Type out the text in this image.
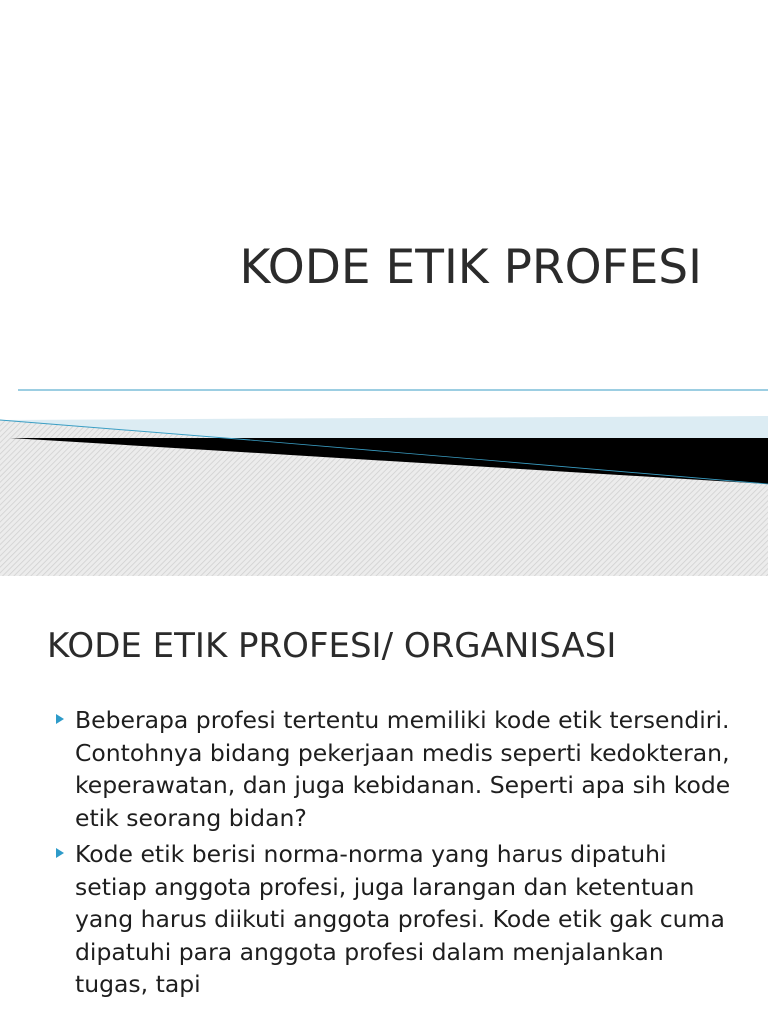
KODE ETIK PROFESI
KODE ETIK PROFESI/ ORGANISASI
Beberapa profesi tertentu memiliki kode etik tersendiri. Contohnya bidang pekerjaan medis seperti kedokteran, keperawatan, dan juga kebidanan. Seperti apa sih kode etik seorang bidan?
Kode etik berisi norma-norma yang harus dipatuhi setiap anggota profesi, juga larangan dan ketentuan yang harus diikuti anggota profesi. Kode etik gak cuma dipatuhi para anggota profesi dalam menjalankan tugas, tapi
